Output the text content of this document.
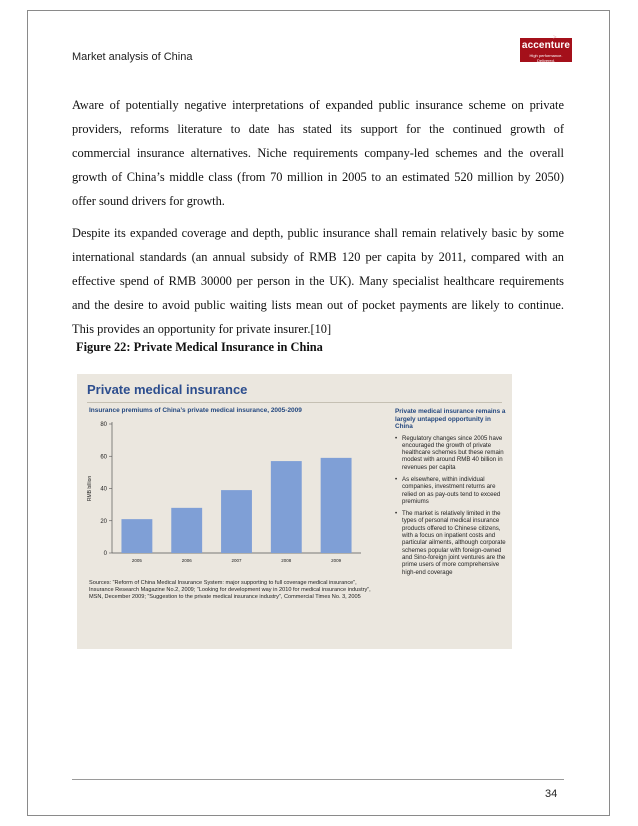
Market analysis of China
>
accenture
High performance. Delivered.
Aware of potentially negative interpretations of expanded public insurance scheme on private
providers, reforms literature to date has stated its support for the continued growth of
commercial insurance alternatives. Niche requirements company-led schemes and the overall
growth of China’s middle class (from 70 million in 2005 to an estimated 520 million by 2050)
offer sound drivers for growth.
Despite its expanded coverage and depth, public insurance shall remain relatively basic by some
international standards (an annual subsidy of RMB 120 per capita by 2011, compared with an
effective spend of RMB 30000 per person in the UK). Many specialist healthcare requirements
and the desire to avoid public waiting lists mean out of pocket payments are likely to continue.
This provides an opportunity for private insurer.[10]
Figure 22: Private Medical Insurance in China
Private medical insurance
Insurance premiums of China’s private medical insurance, 2005-2009
0
20
40
60
80
RMB billion
2005	2006	2007	2008	2009
Sources: “Reform of China Medical Insurance System: major supporting to full coverage medical insurance”, Insurance Research Magazine No.2, 2009; “Looking for development way in 2010 for medical insurance industry”, MSN, December 2009; “Suggestion to the private medical insurance industry”, Commercial Times No. 3, 2005
Private medical insurance remains a largely untapped opportunity in China
• Regulatory changes since 2005 have encouraged the growth of private healthcare schemes but these remain modest with around RMB 40 billion in revenues per capita
• As elsewhere, within individual companies, investment returns are relied on as pay-outs tend to exceed premiums
• The market is relatively limited in the types of personal medical insurance products offered to Chinese citizens, with a focus on inpatient costs and particular ailments, although corporate schemes popular with foreign-owned and Sino-foreign joint ventures are the prime users of more comprehensive high-end coverage
34
